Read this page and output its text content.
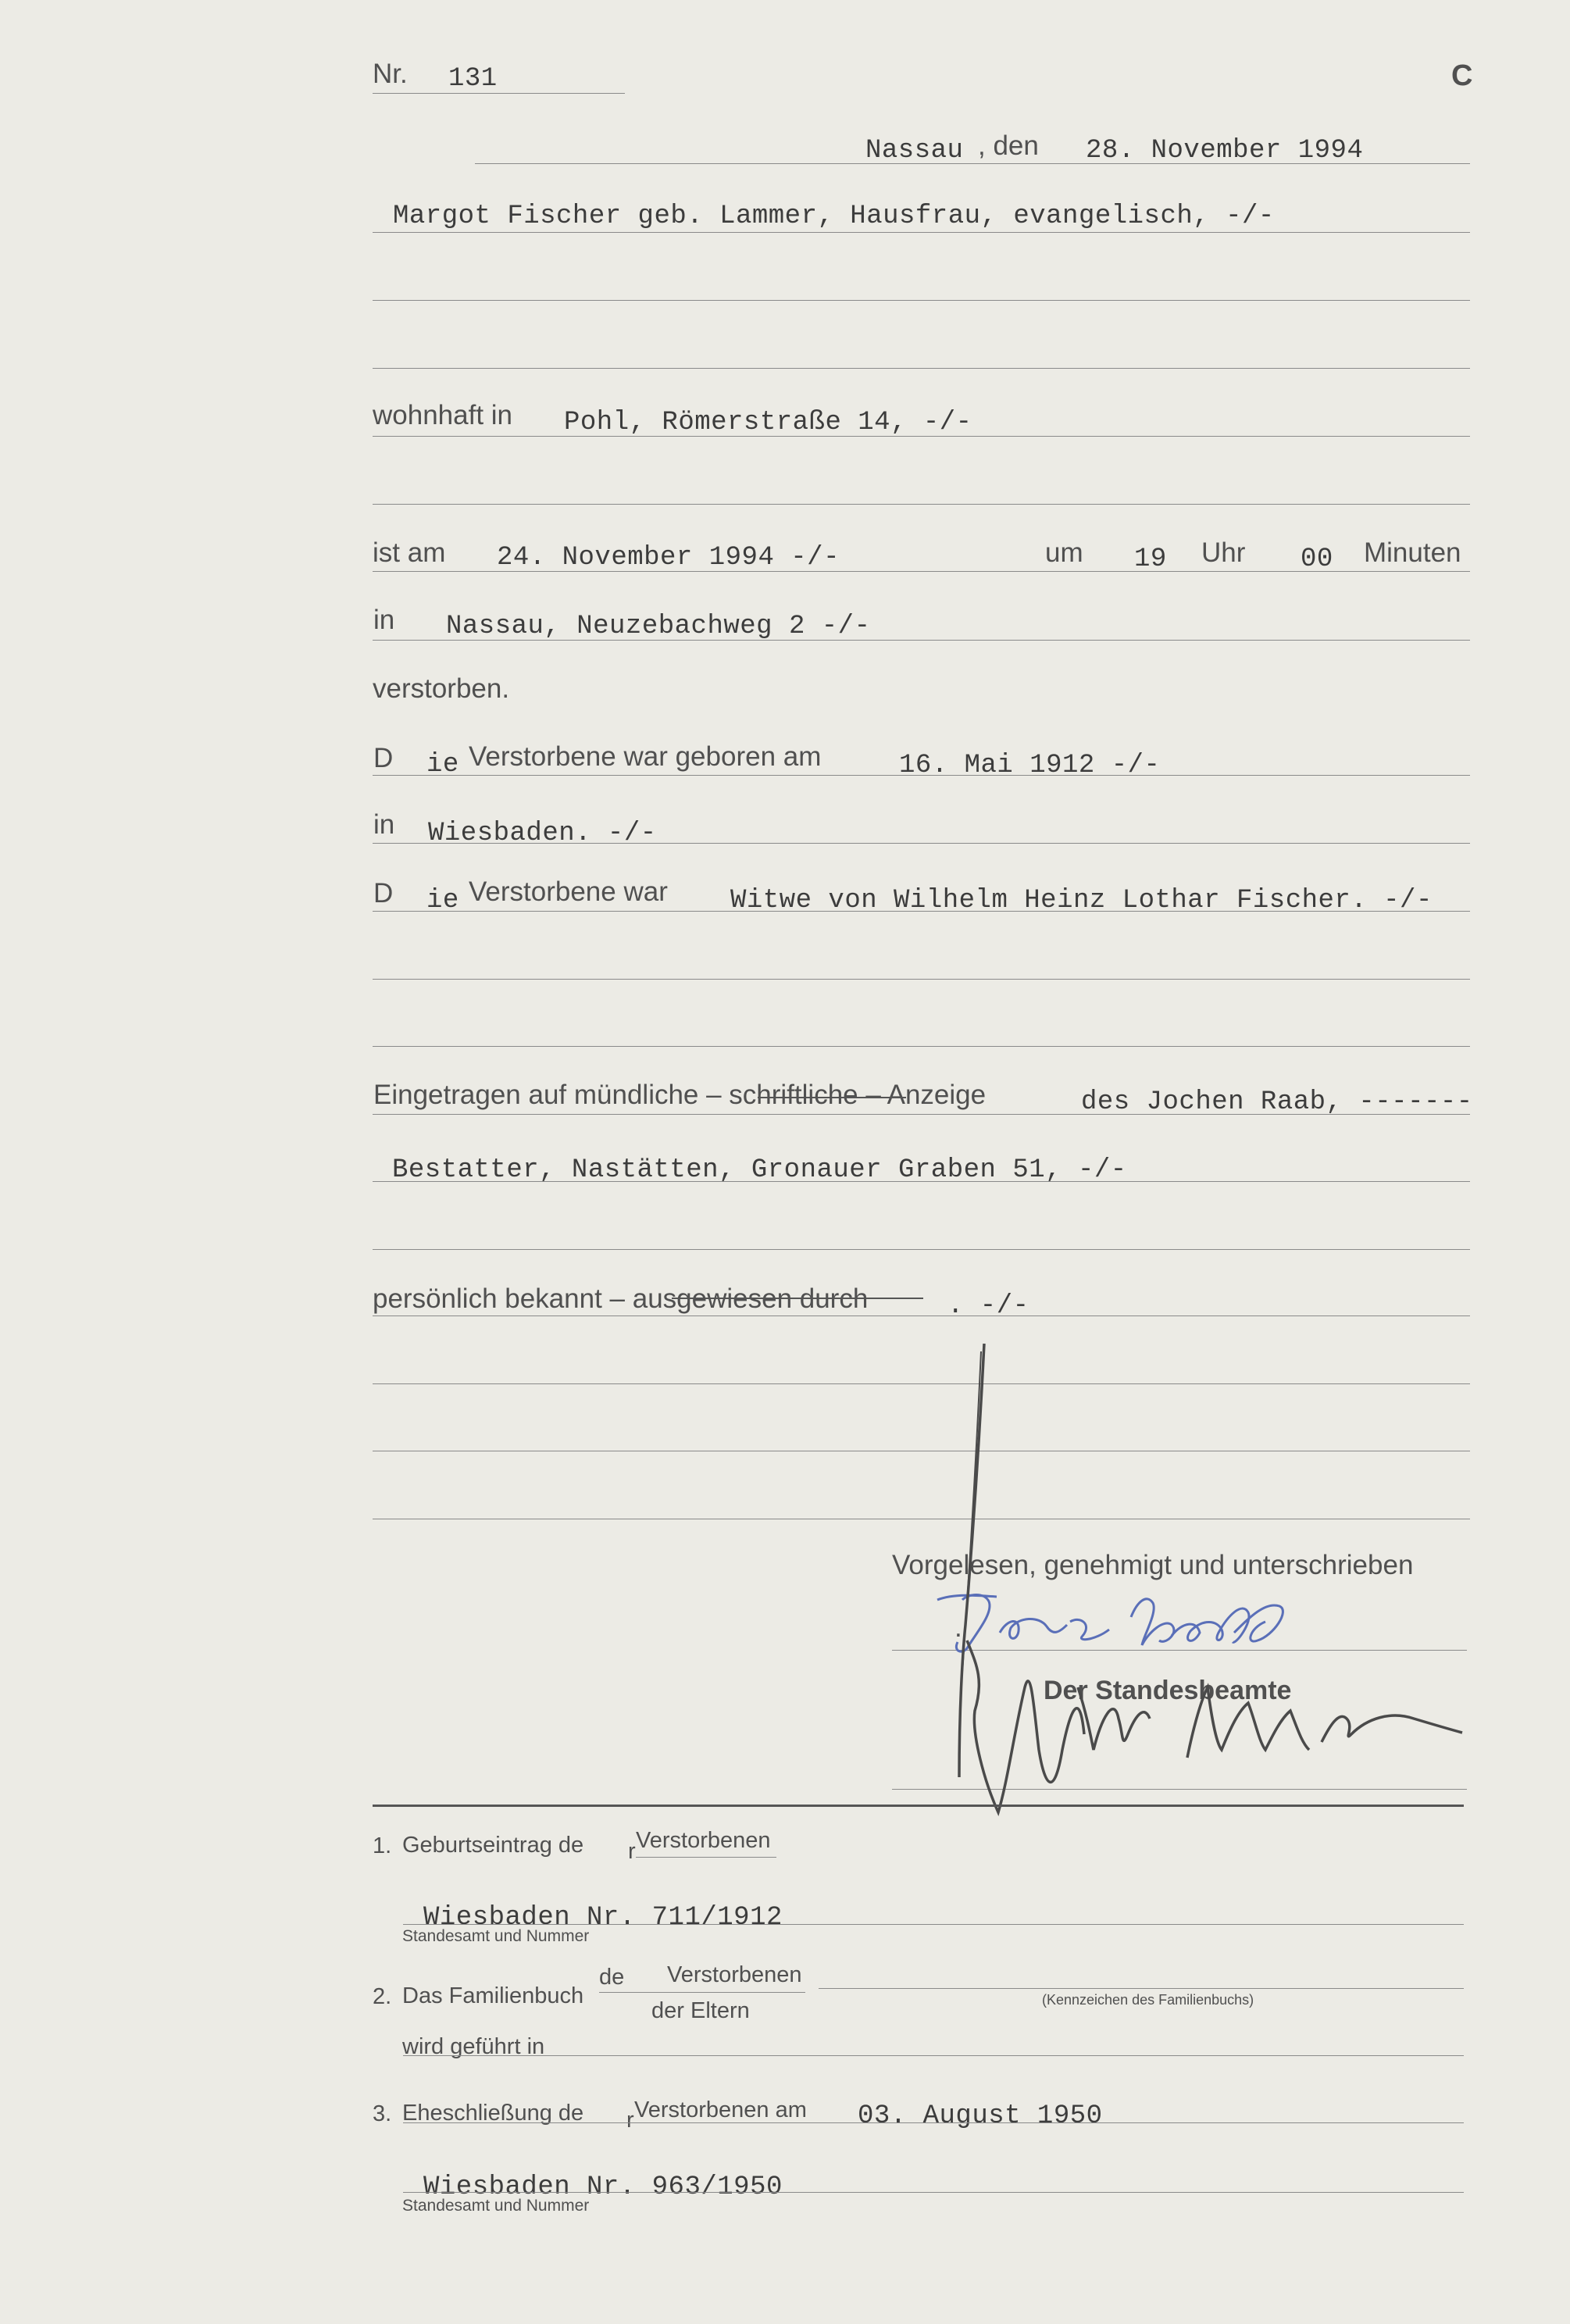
Nr. 131	C
Nassau , den 28. November 1994
Margot Fischer geb. Lammer, Hausfrau, evangelisch, -/-
wohnhaft in Pohl, Römerstraße 14, -/-
ist am 24. November 1994 -/-	um 19 Uhr 00 Minuten
in Nassau, Neuzebachweg 2 -/-
verstorben.
D ie Verstorbene war geboren am	16. Mai 1912 -/-
in Wiesbaden. -/-
D ie Verstorbene war Witwe von Wilhelm Heinz Lothar Fischer. -/-
Eingetragen auf mündliche – schriftliche – Anzeige	des Jochen Raab, -------
Bestatter, Nastätten, Gronauer Graben 51, -/-
persönlich bekannt – ausgewiesen durch	. -/-
Vorgelesen, genehmigt und unterschrieben
.
Der Standesbeamte
1. Geburtseintrag de r Verstorbenen
Wiesbaden Nr. 711/1912
Standesamt und Nummer
2. Das Familienbuch
de Verstorbenen
der Eltern	(Kennzeichen des Familienbuchs)
wird geführt in
3. Eheschließung de r Verstorbenen am 03. August 1950
Wiesbaden Nr. 963/1950
Standesamt und Nummer
